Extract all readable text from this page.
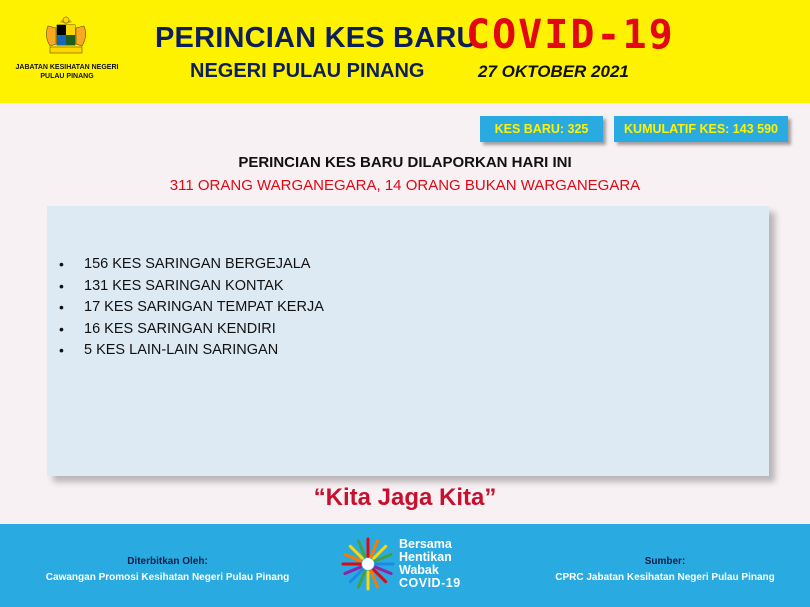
JABATAN KESIHATAN NEGERI
PULAU PINANG
PERINCIAN KES BARU
COVID-19
NEGERI PULAU PINANG	27 OKTOBER 2021
KES BARU: 325	KUMULATIF KES: 143 590
PERINCIAN KES BARU DILAPORKAN HARI INI
311 ORANG WARGANEGARA, 14 ORANG BUKAN WARGANEGARA
•	156 KES SARINGAN BERGEJALA
•	131 KES SARINGAN KONTAK
•	17 KES SARINGAN TEMPAT KERJA
•	16 KES SARINGAN KENDIRI
•	5 KES LAIN-LAIN SARINGAN
“Kita Jaga Kita”
Diterbitkan Oleh:
Cawangan Promosi Kesihatan Negeri Pulau Pinang
Bersama
Hentikan
Wabak
COVID-19
Sumber:
CPRC Jabatan Kesihatan Negeri Pulau Pinang
